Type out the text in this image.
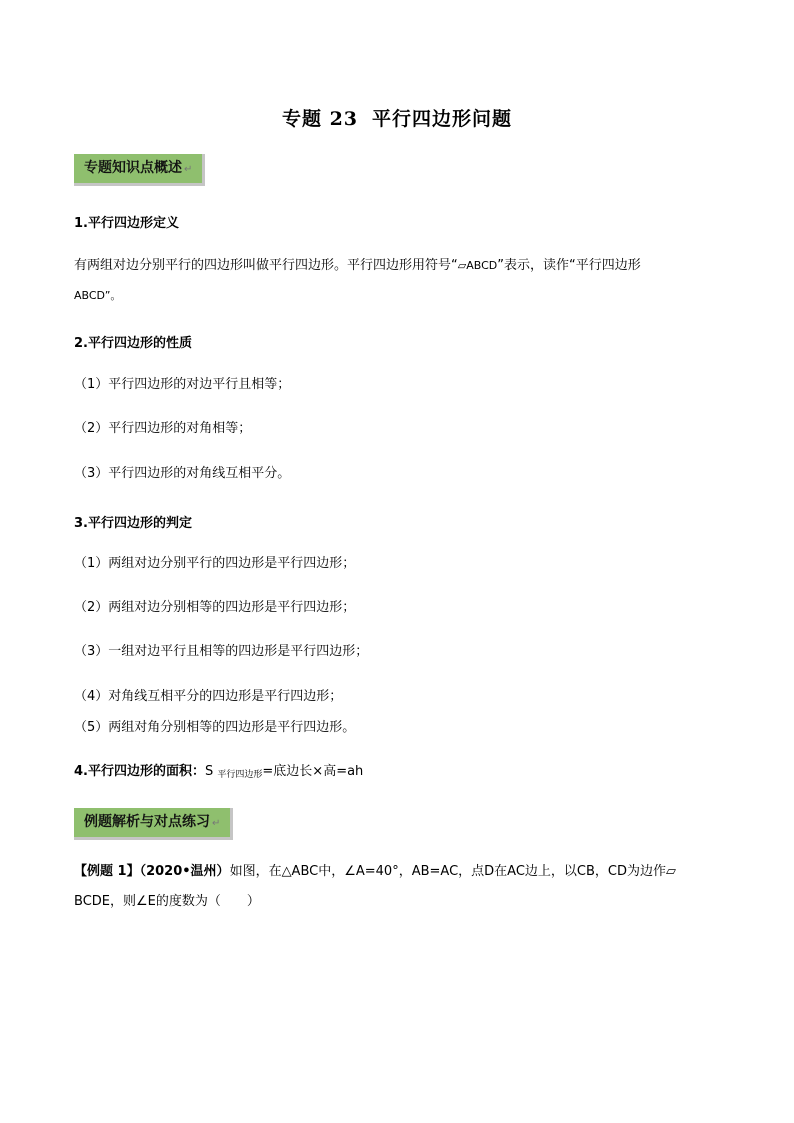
专题 23 平行四边形问题
专题知识点概述 ↵
1.平行四边形定义
有两组对边分别平行的四边形叫做平行四边形。平行四边形用符号“▱ABCD”表示，读作“平行四边形
ABCD”。
2.平行四边形的性质
（1）平行四边形的对边平行且相等；
（2）平行四边形的对角相等；
（3）平行四边形的对角线互相平分。
3.平行四边形的判定
（1）两组对边分别平行的四边形是平行四边形；
（2）两组对边分别相等的四边形是平行四边形；
（3）一组对边平行且相等的四边形是平行四边形；
（4）对角线互相平分的四边形是平行四边形；
（5）两组对角分别相等的四边形是平行四边形。
4.平行四边形的面积：S $_{平行四边形}$=底边长×高=ah
例题解析与对点练习 ↵
【例题 1】（2020•温州）如图，在△ABC中，∠A=40°，AB=AC，点D在AC边上，以CB，CD为边作▱
BCDE，则∠E的度数为（　　）
